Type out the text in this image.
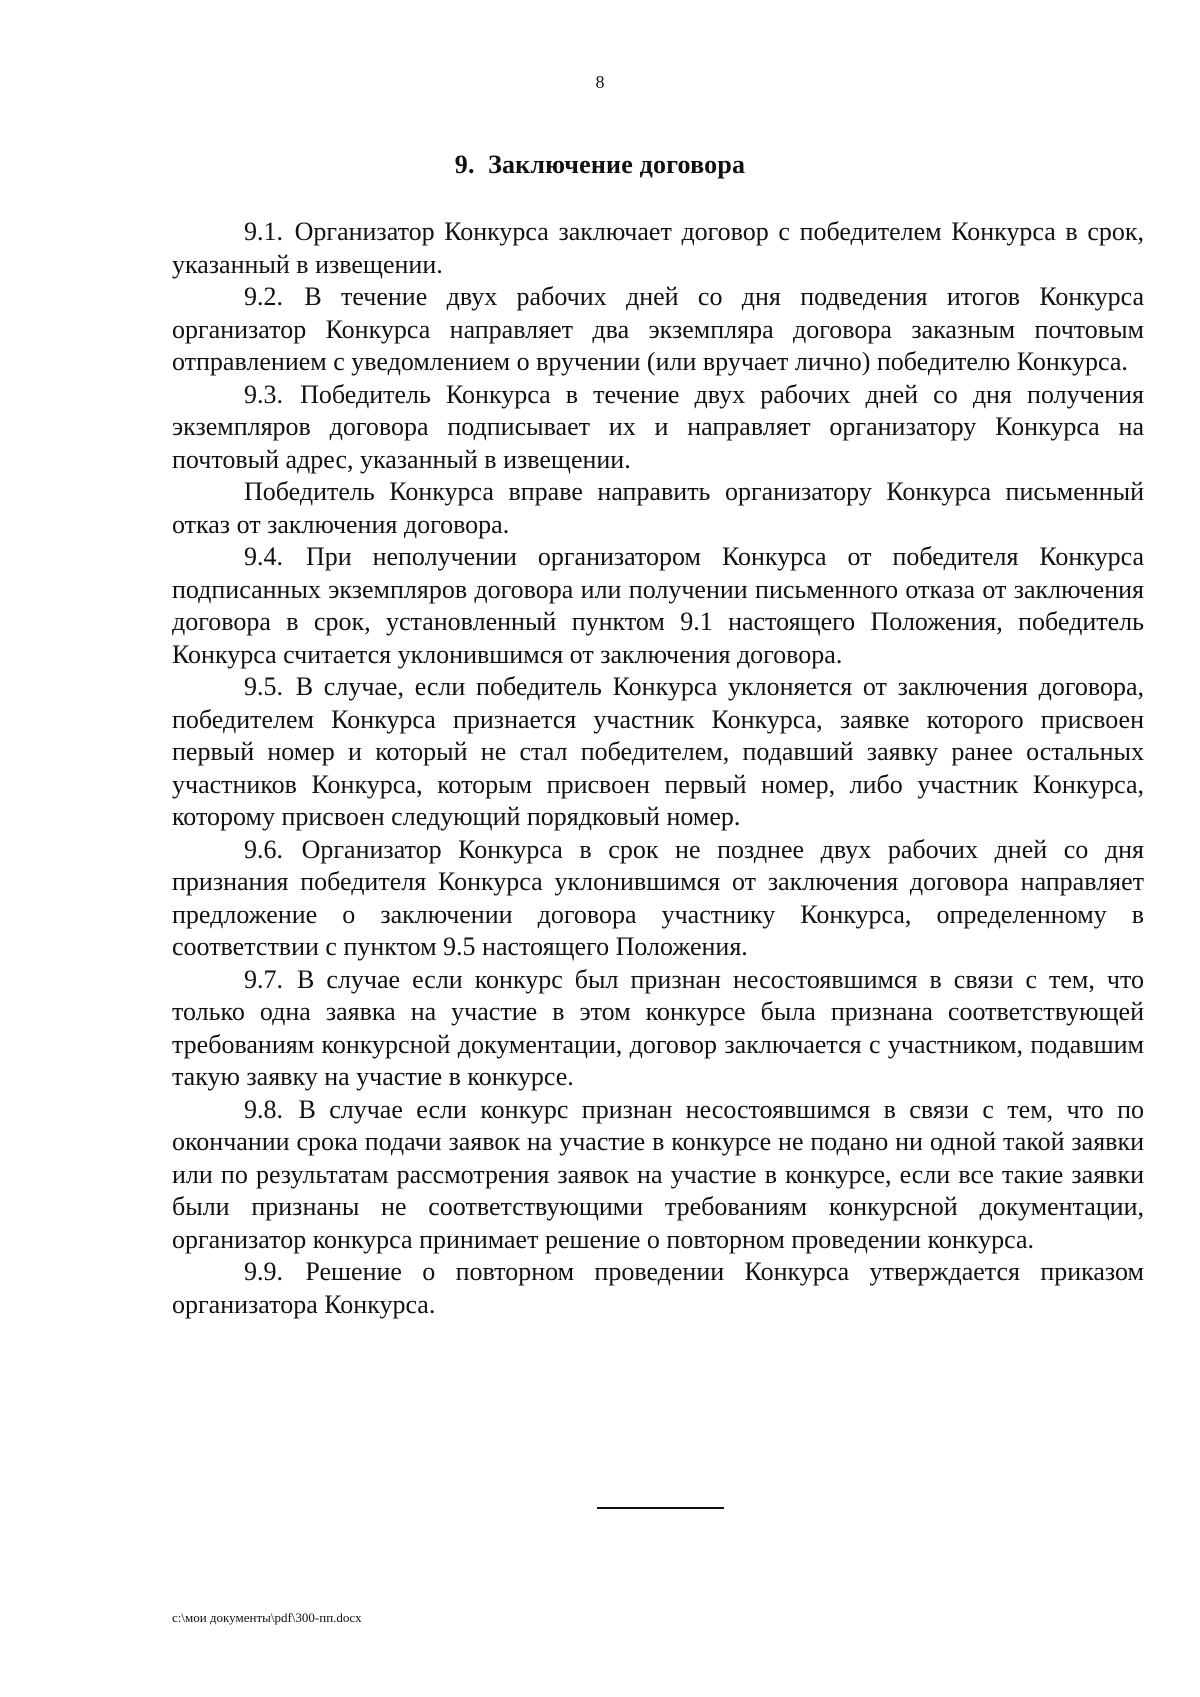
8
9. Заключение договора

9.1. Организатор Конкурса заключает договор с победителем Конкурса в срок, указанный в извещении.

9.2. В течение двух рабочих дней со дня подведения итогов Конкурса организатор Конкурса направляет два экземпляра договора заказным почтовым отправлением с уведомлением о вручении (или вручает лично) победителю Конкурса.

9.3. Победитель Конкурса в течение двух рабочих дней со дня получения экземпляров договора подписывает их и направляет организатору Конкурса на почтовый адрес, указанный в извещении.

Победитель Конкурса вправе направить организатору Конкурса письменный отказ от заключения договора.

9.4. При неполучении организатором Конкурса от победителя Конкурса подписанных экземпляров договора или получении письменного отказа от заключения договора в срок, установленный пунктом 9.1 настоящего Положения, победитель Конкурса считается уклонившимся от заключения договора.

9.5. В случае, если победитель Конкурса уклоняется от заключения договора, победителем Конкурса признается участник Конкурса, заявке которого присвоен первый номер и который не стал победителем, подавший заявку ранее остальных участников Конкурса, которым присвоен первый номер, либо участник Конкурса, которому присвоен следующий порядковый номер.

9.6. Организатор Конкурса в срок не позднее двух рабочих дней со дня признания победителя Конкурса уклонившимся от заключения договора направляет предложение о заключении договора участнику Конкурса, определенному в соответствии с пунктом 9.5 настоящего Положения.

9.7. В случае если конкурс был признан несостоявшимся в связи с тем, что только одна заявка на участие в этом конкурсе была признана соответствующей требованиям конкурсной документации, договор заключается с участником, подавшим такую заявку на участие в конкурсе.

9.8. В случае если конкурс признан несостоявшимся в связи с тем, что по окончании срока подачи заявок на участие в конкурсе не подано ни одной такой заявки или по результатам рассмотрения заявок на участие в конкурсе, если все такие заявки были признаны не соответствующими требованиям конкурсной документации, организатор конкурса принимает решение о повторном проведении конкурса.

9.9. Решение о повторном проведении Конкурса утверждается приказом организатора Конкурса.

c:\мои документы\pdf\300-пп.docx
